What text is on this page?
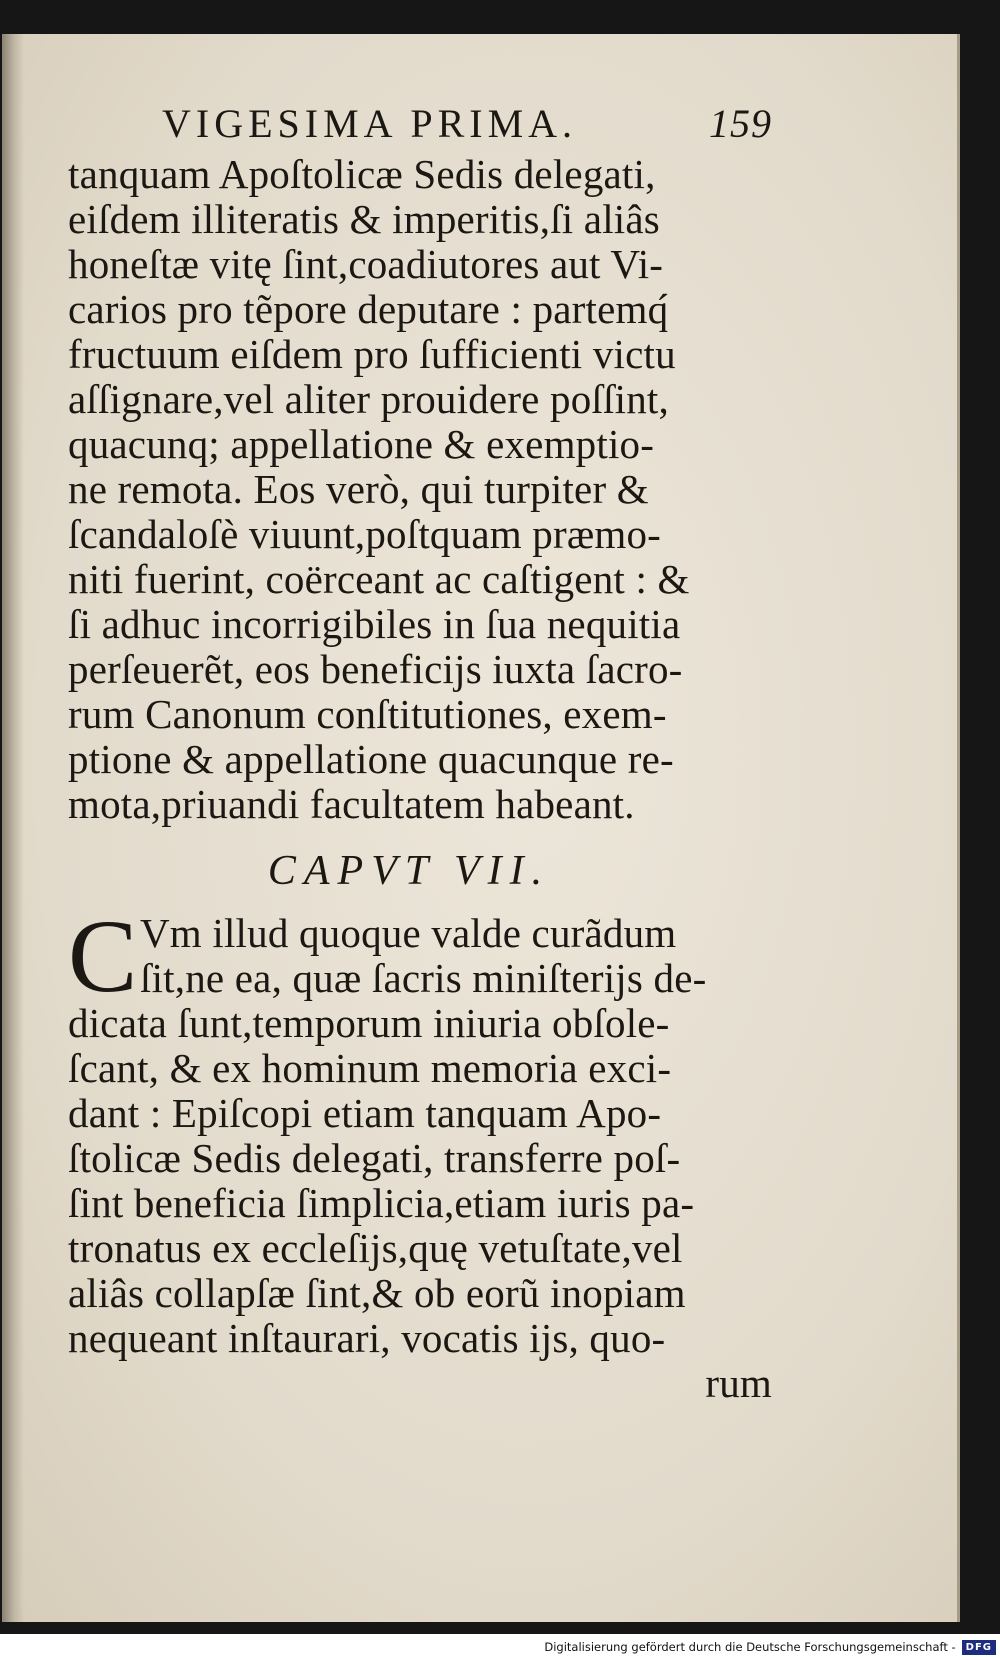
VIGESIMA PRIMA.	159
tanquam Apoſtolicæ Sedis delegati,
eiſdem illiteratis & imperitis,ſi aliâs
honeſtæ vitę ſint,coadiutores aut Vi-
carios pro tẽpore deputare : partemq́
fructuum eiſdem pro ſufficienti victu
aſſignare,vel aliter prouidere poſſint,
quacunq; appellatione & exemptio-
ne remota. Eos verò, qui turpiter &
ſcandaloſè viuunt,poſtquam præmo-
niti fuerint, coërceant ac caſtigent : &
ſi adhuc incorrigibiles in ſua nequitia
perſeuerẽt, eos beneficijs iuxta ſacro-
rum Canonum conſtitutiones, exem-
ptione & appellatione quacunque re-
mota,priuandi facultatem habeant.
CAPVT VII.
C Vm illud quoque valde curãdum
ſit,ne ea, quæ ſacris miniſterijs de-
dicata ſunt,temporum iniuria obſole-
ſcant, & ex hominum memoria exci-
dant : Epiſcopi etiam tanquam Apo-
ſtolicæ Sedis delegati, transferre poſ-
ſint beneficia ſimplicia,etiam iuris pa-
tronatus ex eccleſijs,quę vetuſtate,vel
aliâs collapſæ ſint,& ob eorũ inopiam
nequeant inſtaurari, vocatis ijs, quo-
rum
Digitalisierung gefördert durch die Deutsche Forschungsgemeinschaft -	DFG
